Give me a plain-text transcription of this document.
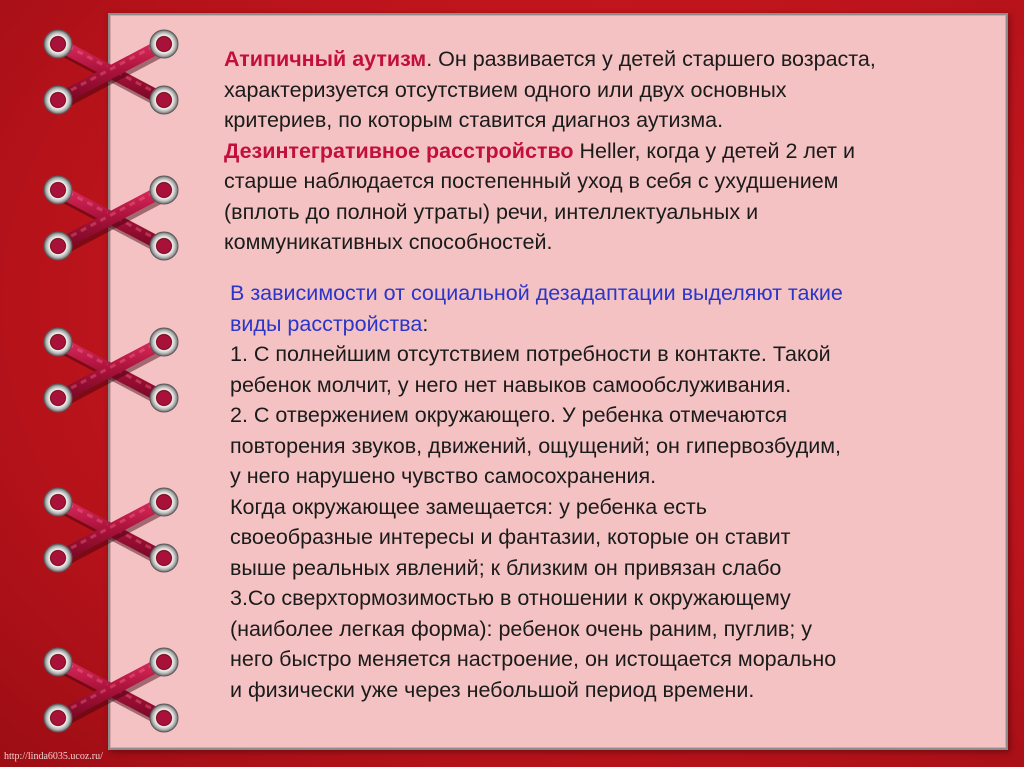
Атипичный аутизм. Он развивается у детей старшего возраста,
характеризуется отсутствием одного или двух основных
критериев, по которым ставится диагноз аутизма.
Дезинтегративное расстройство Heller, когда у детей 2 лет и
старше наблюдается постепенный уход в себя с ухудшением
(вплоть до полной утраты) речи, интеллектуальных и
коммуникативных способностей.
В зависимости от социальной дезадаптации выделяют такие
виды расстройства:
1. С полнейшим отсутствием потребности в контакте. Такой
ребенок молчит, у него нет навыков самообслуживания.
2. С отвержением окружающего. У ребенка отмечаются
повторения звуков, движений, ощущений; он гипервозбудим,
у него нарушено чувство самосохранения.
Когда окружающее замещается: у ребенка есть
своеобразные интересы и фантазии, которые он ставит
выше реальных явлений; к близким он привязан слабо
3.Со сверхтормозимостью в отношении к окружающему
(наиболее легкая форма): ребенок очень раним, пуглив; у
него быстро меняется настроение, он истощается морально
и физически уже через небольшой период времени.
http://linda6035.ucoz.ru/
